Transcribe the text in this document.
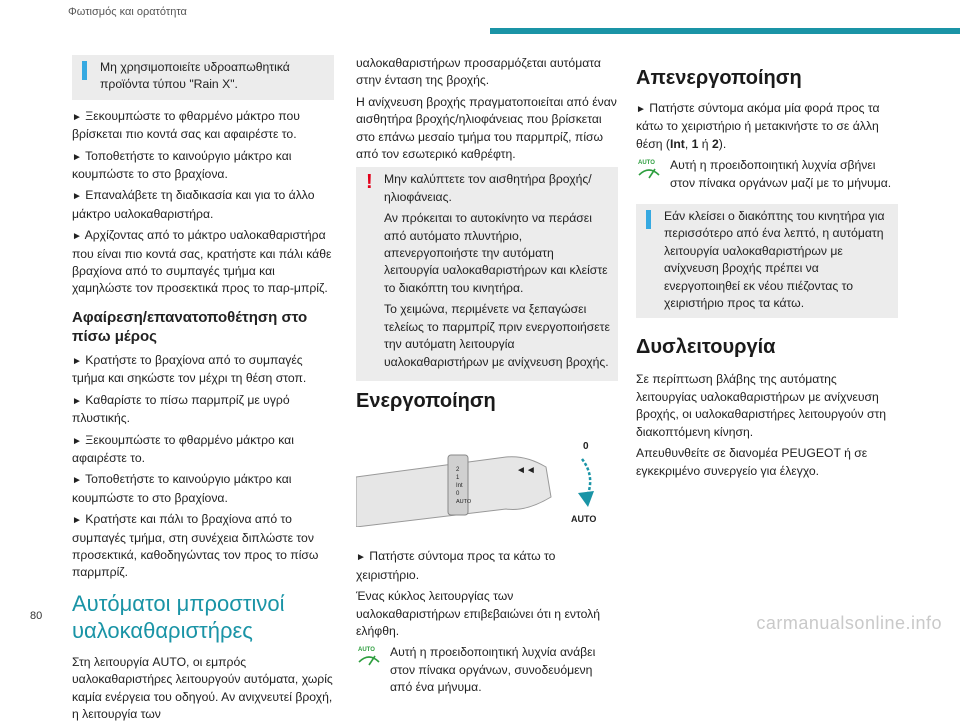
Φωτισμός και ορατότητα
Μη χρησιμοποιείτε υδροαπωθητικά προϊόντα τύπου "Rain X".

► Ξεκουμπώστε το φθαρμένο μάκτρο που βρίσκεται πιο κοντά σας και αφαιρέστε το.

► Τοποθετήστε το καινούργιο μάκτρο και κουμπώστε το στο βραχίονα.

► Επαναλάβετε τη διαδικασία και για το άλλο μάκτρο υαλοκαθαριστήρα.

► Αρχίζοντας από το μάκτρο υαλοκαθαριστήρα που είναι πιο κοντά σας, κρατήστε και πάλι κάθε βραχίονα από το συμπαγές τμήμα και χαμηλώστε τον προσεκτικά προς το παρ-μπρίζ.

Αφαίρεση/επανατοποθέτηση στο πίσω μέρος

► Κρατήστε το βραχίονα από το συμπαγές τμήμα και σηκώστε τον μέχρι τη θέση στοπ.

► Καθαρίστε το πίσω παρμπρίζ με υγρό πλυστικής.

► Ξεκουμπώστε το φθαρμένο μάκτρο και αφαιρέστε το.

► Τοποθετήστε το καινούργιο μάκτρο και κουμπώστε το στο βραχίονα.

► Κρατήστε και πάλι το βραχίονα από το συμπαγές τμήμα, στη συνέχεια διπλώστε τον προσεκτικά, καθοδηγώντας τον προς το πίσω παρμπρίζ.

Αυτόματοι μπροστινοί υαλοκαθαριστήρες

Στη λειτουργία AUTO, οι εμπρός υαλοκαθαριστήρες λειτουργούν αυτόματα, χωρίς καμία ενέργεια του οδηγού. Αν ανιχνευτεί βροχή, η λειτουργία των

υαλοκαθαριστήρων προσαρμόζεται αυτόματα στην ένταση της βροχής.

Η ανίχνευση βροχής πραγματοποιείται από έναν αισθητήρα βροχής/ηλιοφάνειας που βρίσκεται στο επάνω μεσαίο τμήμα του παρμπρίζ, πίσω από τον εσωτερικό καθρέφτη.

! Μην καλύπτετε τον αισθητήρα βροχής/ηλιοφάνειας.

Αν πρόκειται το αυτοκίνητο να περάσει από αυτόματο πλυντήριο, απενεργοποιήστε την αυτόματη λειτουργία υαλοκαθαριστήρων και κλείστε το διακόπτη του κινητήρα.

Το χειμώνα, περιμένετε να ξεπαγώσει τελείως το παρμπρίζ πριν ενεργοποιήσετε την αυτόματη λειτουργία υαλοκαθαριστήρων με ανίχνευση βροχής.

Ενεργοποίηση
2
1
Int
0
AUTO
◄◄
0
AUTO

► Πατήστε σύντομα προς τα κάτω το χειριστήριο.

Ένας κύκλος λειτουργίας των υαλοκαθαριστήρων επιβεβαιώνει ότι η εντολή ελήφθη.

AUTO Αυτή η προειδοποιητική λυχνία ανάβει στον πίνακα οργάνων, συνοδευόμενη από ένα μήνυμα.
Απενεργοποίηση

► Πατήστε σύντομα ακόμα μία φορά προς τα κάτω το χειριστήριο ή μετακινήστε το σε άλλη θέση (Int, 1 ή 2).

AUTO Αυτή η προειδοποιητική λυχνία σβήνει στον πίνακα οργάνων μαζί με το μήνυμα.
Εάν κλείσει ο διακόπτης του κινητήρα για περισσότερο από ένα λεπτό, η αυτόματη λειτουργία υαλοκαθαριστήρων με ανίχνευση βροχής πρέπει να ενεργοποιηθεί εκ νέου πιέζοντας το χειριστήριο προς τα κάτω.
Δυσλειτουργία

Σε περίπτωση βλάβης της αυτόματης λειτουργίας υαλοκαθαριστήρων με ανίχνευση βροχής, οι υαλοκαθαριστήρες λειτουργούν στη διακοπτόμενη κίνηση.

Απευθυνθείτε σε διανομέα PEUGEOT ή σε εγκεκριμένο συνεργείο για έλεγχο.

80	carmanualsonline.info
